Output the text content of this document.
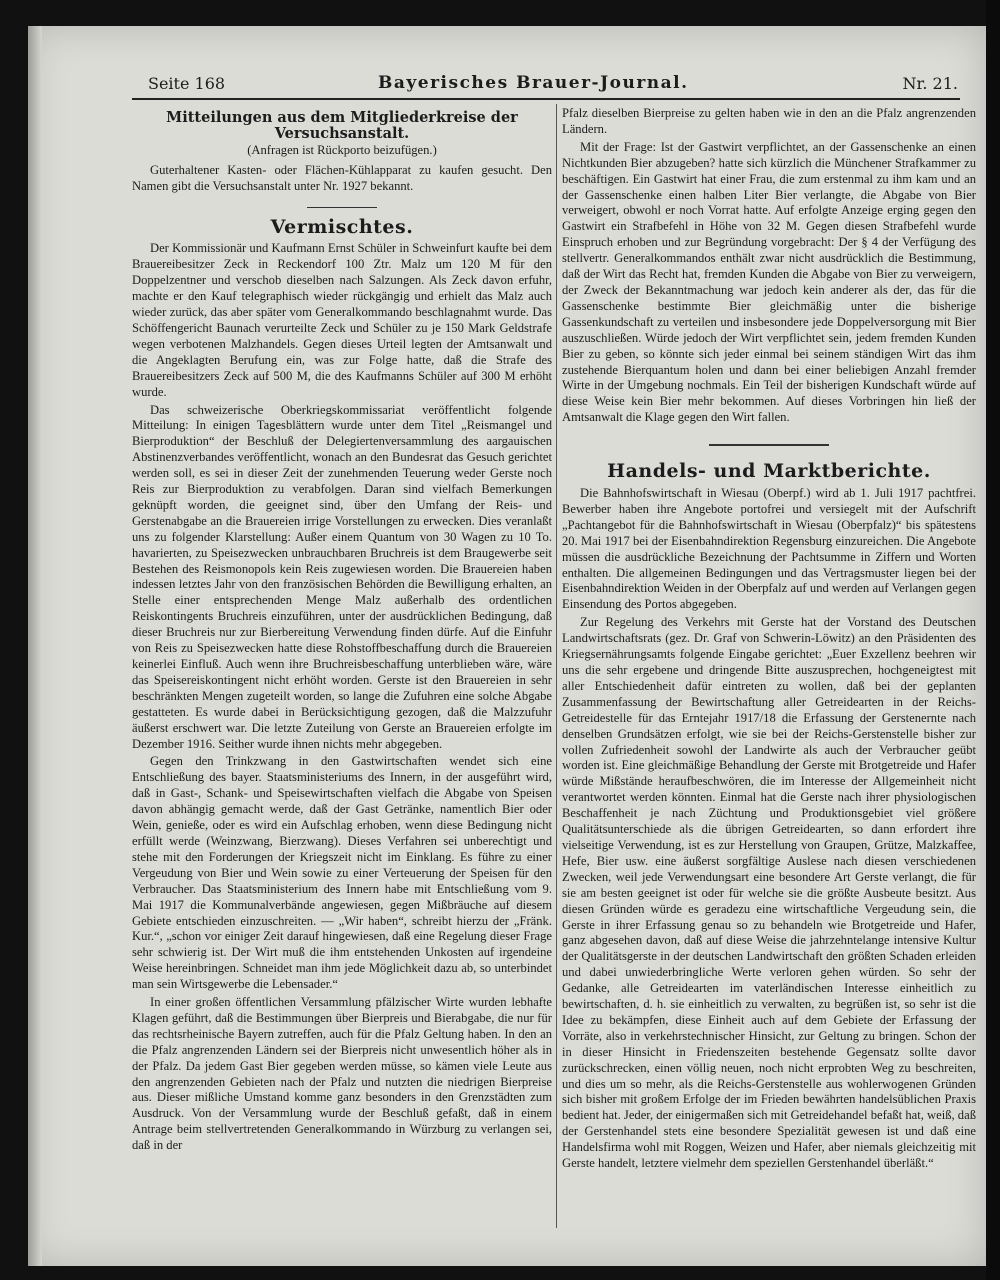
Seite 168	Bayerisches Brauer-Journal.	Nr. 21.
Mitteilungen aus dem Mitgliederkreise der Versuchsanstalt.
(Anfragen ist Rückporto beizufügen.)

Guterhaltener Kasten- oder Flächen-Kühlapparat zu kaufen gesucht. Den Namen gibt die Versuchsanstalt unter Nr. 1927 bekannt.

Vermischtes.

Der Kommissionär und Kaufmann Ernst Schüler in Schweinfurt kaufte bei dem Brauereibesitzer Zeck in Reckendorf 100 Ztr. Malz um 120 M für den Doppelzentner und verschob dieselben nach Salzungen. Als Zeck davon erfuhr, machte er den Kauf telegraphisch wieder rückgängig und erhielt das Malz auch wieder zurück, das aber später vom Generalkommando beschlagnahmt wurde. Das Schöffengericht Baunach verurteilte Zeck und Schüler zu je 150 Mark Geldstrafe wegen verbotenen Malzhandels. Gegen dieses Urteil legten der Amtsanwalt und die Angeklagten Berufung ein, was zur Folge hatte, daß die Strafe des Brauereibesitzers Zeck auf 500 M, die des Kaufmanns Schüler auf 300 M erhöht wurde.

Das schweizerische Oberkriegskommissariat veröffentlicht folgende Mitteilung: In einigen Tagesblättern wurde unter dem Titel „Reismangel und Bierproduktion“ der Beschluß der Delegiertenversammlung des aargauischen Abstinenzverbandes veröffentlicht, wonach an den Bundesrat das Gesuch gerichtet werden soll, es sei in dieser Zeit der zunehmenden Teuerung weder Gerste noch Reis zur Bierproduktion zu verabfolgen. Daran sind vielfach Bemerkungen geknüpft worden, die geeignet sind, über den Umfang der Reis- und Gerstenabgabe an die Brauereien irrige Vorstellungen zu erwecken. Dies veranlaßt uns zu folgender Klarstellung: Außer einem Quantum von 30 Wagen zu 10 To. havarierten, zu Speisezwecken unbrauchbaren Bruchreis ist dem Braugewerbe seit Bestehen des Reismonopols kein Reis zugewiesen worden. Die Brauereien haben indessen letztes Jahr von den französischen Behörden die Bewilligung erhalten, an Stelle einer entsprechenden Menge Malz außerhalb des ordentlichen Reiskontingents Bruchreis einzuführen, unter der ausdrücklichen Bedingung, daß dieser Bruchreis nur zur Bierbereitung Verwendung finden dürfe. Auf die Einfuhr von Reis zu Speisezwecken hatte diese Rohstoffbeschaffung durch die Brauereien keinerlei Einfluß. Auch wenn ihre Bruchreisbeschaffung unterblieben wäre, wäre das Speisereiskontingent nicht erhöht worden. Gerste ist den Brauereien in sehr beschränkten Mengen zugeteilt worden, so lange die Zufuhren eine solche Abgabe gestatteten. Es wurde dabei in Berücksichtigung gezogen, daß die Malzzufuhr äußerst erschwert war. Die letzte Zuteilung von Gerste an Brauereien erfolgte im Dezember 1916. Seither wurde ihnen nichts mehr abgegeben.

Gegen den Trinkzwang in den Gastwirtschaften wendet sich eine Entschließung des bayer. Staatsministeriums des Innern, in der ausgeführt wird, daß in Gast-, Schank- und Speisewirtschaften vielfach die Abgabe von Speisen davon abhängig gemacht werde, daß der Gast Getränke, namentlich Bier oder Wein, genieße, oder es wird ein Aufschlag erhoben, wenn diese Bedingung nicht erfüllt werde (Weinzwang, Bierzwang). Dieses Verfahren sei unberechtigt und stehe mit den Forderungen der Kriegszeit nicht im Einklang. Es führe zu einer Vergeudung von Bier und Wein sowie zu einer Verteuerung der Speisen für den Verbraucher. Das Staatsministerium des Innern habe mit Entschließung vom 9. Mai 1917 die Kommunalverbände angewiesen, gegen Mißbräuche auf diesem Gebiete entschieden einzuschreiten. — „Wir haben“, schreibt hierzu der „Fränk. Kur.“, „schon vor einiger Zeit darauf hingewiesen, daß eine Regelung dieser Frage sehr schwierig ist. Der Wirt muß die ihm entstehenden Unkosten auf irgendeine Weise hereinbringen. Schneidet man ihm jede Möglichkeit dazu ab, so unterbindet man sein Wirtsgewerbe die Lebensader.“

In einer großen öffentlichen Versammlung pfälzischer Wirte wurden lebhafte Klagen geführt, daß die Bestimmungen über Bierpreis und Bierabgabe, die nur für das rechtsrheinische Bayern zutreffen, auch für die Pfalz Geltung haben. In den an die Pfalz angrenzenden Ländern sei der Bierpreis nicht unwesentlich höher als in der Pfalz. Da jedem Gast Bier gegeben werden müsse, so kämen viele Leute aus den angrenzenden Gebieten nach der Pfalz und nutzten die niedrigen Bierpreise aus. Dieser mißliche Umstand komme ganz besonders in den Grenzstädten zum Ausdruck. Von der Versammlung wurde der Beschluß gefaßt, daß in einem Antrage beim stellvertretenden Generalkommando in Würzburg zu verlangen sei, daß in der

Pfalz dieselben Bierpreise zu gelten haben wie in den an die Pfalz angrenzenden Ländern.

Mit der Frage: Ist der Gastwirt verpflichtet, an der Gassenschenke an einen Nichtkunden Bier abzugeben? hatte sich kürzlich die Münchener Strafkammer zu beschäftigen. Ein Gastwirt hat einer Frau, die zum erstenmal zu ihm kam und an der Gassenschenke einen halben Liter Bier verlangte, die Abgabe von Bier verweigert, obwohl er noch Vorrat hatte. Auf erfolgte Anzeige erging gegen den Gastwirt ein Strafbefehl in Höhe von 32 M. Gegen diesen Strafbefehl wurde Einspruch erhoben und zur Begründung vorgebracht: Der § 4 der Verfügung des stellvertr. Generalkommandos enthält zwar nicht ausdrücklich die Bestimmung, daß der Wirt das Recht hat, fremden Kunden die Abgabe von Bier zu verweigern, der Zweck der Bekanntmachung war jedoch kein anderer als der, das für die Gassenschenke bestimmte Bier gleichmäßig unter die bisherige Gassenkundschaft zu verteilen und insbesondere jede Doppelversorgung mit Bier auszuschließen. Würde jedoch der Wirt verpflichtet sein, jedem fremden Kunden Bier zu geben, so könnte sich jeder einmal bei seinem ständigen Wirt das ihm zustehende Bierquantum holen und dann bei einer beliebigen Anzahl fremder Wirte in der Umgebung nochmals. Ein Teil der bisherigen Kundschaft würde auf diese Weise kein Bier mehr bekommen. Auf dieses Vorbringen hin ließ der Amtsanwalt die Klage gegen den Wirt fallen.

Handels- und Marktberichte.

Die Bahnhofswirtschaft in Wiesau (Oberpf.) wird ab 1. Juli 1917 pachtfrei. Bewerber haben ihre Angebote portofrei und versiegelt mit der Aufschrift „Pachtangebot für die Bahnhofswirtschaft in Wiesau (Oberpfalz)“ bis spätestens 20. Mai 1917 bei der Eisenbahndirektion Regensburg einzureichen. Die Angebote müssen die ausdrückliche Bezeichnung der Pachtsumme in Ziffern und Worten enthalten. Die allgemeinen Bedingungen und das Vertragsmuster liegen bei der Eisenbahndirektion Weiden in der Oberpfalz auf und werden auf Verlangen gegen Einsendung des Portos abgegeben.

Zur Regelung des Verkehrs mit Gerste hat der Vorstand des Deutschen Landwirtschaftsrats (gez. Dr. Graf von Schwerin-Löwitz) an den Präsidenten des Kriegsernährungsamts folgende Eingabe gerichtet: „Euer Exzellenz beehren wir uns die sehr ergebene und dringende Bitte auszusprechen, hochgeneigtest mit aller Entschiedenheit dafür eintreten zu wollen, daß bei der geplanten Zusammenfassung der Bewirtschaftung aller Getreidearten in der Reichs-Getreidestelle für das Erntejahr 1917/18 die Erfassung der Gerstenernte nach denselben Grundsätzen erfolgt, wie sie bei der Reichs-Gerstenstelle bisher zur vollen Zufriedenheit sowohl der Landwirte als auch der Verbraucher geübt worden ist. Eine gleichmäßige Behandlung der Gerste mit Brotgetreide und Hafer würde Mißstände heraufbeschwören, die im Interesse der Allgemeinheit nicht verantwortet werden könnten. Einmal hat die Gerste nach ihrer physiologischen Beschaffenheit je nach Züchtung und Produktionsgebiet viel größere Qualitätsunterschiede als die übrigen Getreidearten, so dann erfordert ihre vielseitige Verwendung, ist es zur Herstellung von Graupen, Grütze, Malzkaffee, Hefe, Bier usw. eine äußerst sorgfältige Auslese nach diesen verschiedenen Zwecken, weil jede Verwendungsart eine besondere Art Gerste verlangt, die für sie am besten geeignet ist oder für welche sie die größte Ausbeute besitzt. Aus diesen Gründen würde es geradezu eine wirtschaftliche Vergeudung sein, die Gerste in ihrer Erfassung genau so zu behandeln wie Brotgetreide und Hafer, ganz abgesehen davon, daß auf diese Weise die jahrzehntelange intensive Kultur der Qualitätsgerste in der deutschen Landwirtschaft den größten Schaden erleiden und dabei unwiederbringliche Werte verloren gehen würden. So sehr der Gedanke, alle Getreidearten im vaterländischen Interesse einheitlich zu bewirtschaften, d. h. sie einheitlich zu verwalten, zu begrüßen ist, so sehr ist die Idee zu bekämpfen, diese Einheit auch auf dem Gebiete der Erfassung der Vorräte, also in verkehrstechnischer Hinsicht, zur Geltung zu bringen. Schon der in dieser Hinsicht in Friedenszeiten bestehende Gegensatz sollte davor zurückschrecken, einen völlig neuen, noch nicht erprobten Weg zu beschreiten, und dies um so mehr, als die Reichs-Gerstenstelle aus wohlerwogenen Gründen sich bisher mit großem Erfolge der im Frieden bewährten handelsüblichen Praxis bedient hat. Jeder, der einigermaßen sich mit Getreidehandel befaßt hat, weiß, daß der Gerstenhandel stets eine besondere Spezialität gewesen ist und daß eine Handelsfirma wohl mit Roggen, Weizen und Hafer, aber niemals gleichzeitig mit Gerste handelt, letztere vielmehr dem speziellen Gerstenhandel überläßt.“
